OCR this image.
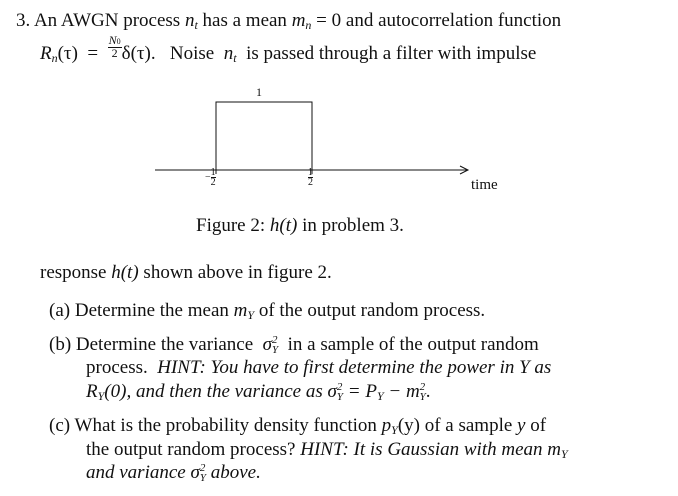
3. An AWGN process $n_t$ has a mean $m_n = 0$ and autocorrelation function
$R_n(\tau) = \frac{N0}{2} \delta(\tau)$. Noise $n_t$ is passed through a filter with impulse
1
− $\frac{1}{2}$	$\frac{1}{2}$	time
Figure 2: h(t) in problem 3.
response h(t) shown above in figure 2.
(a) Determine the mean $m_Y$ of the output random process.
(b) Determine the variance σ 2
Y in a sample of the output random
process. HINT: You have to first determine the power in Y as
$R_Y(0)$, and then the variance as σ 2
$Y = P_Y - m$ 2
Y .
(c) What is the probability density function $p_Y(y)$ of a sample y of
the output random process? HINT: It is Gaussian with mean $m_Y$
and variance σ 2
Y above.
